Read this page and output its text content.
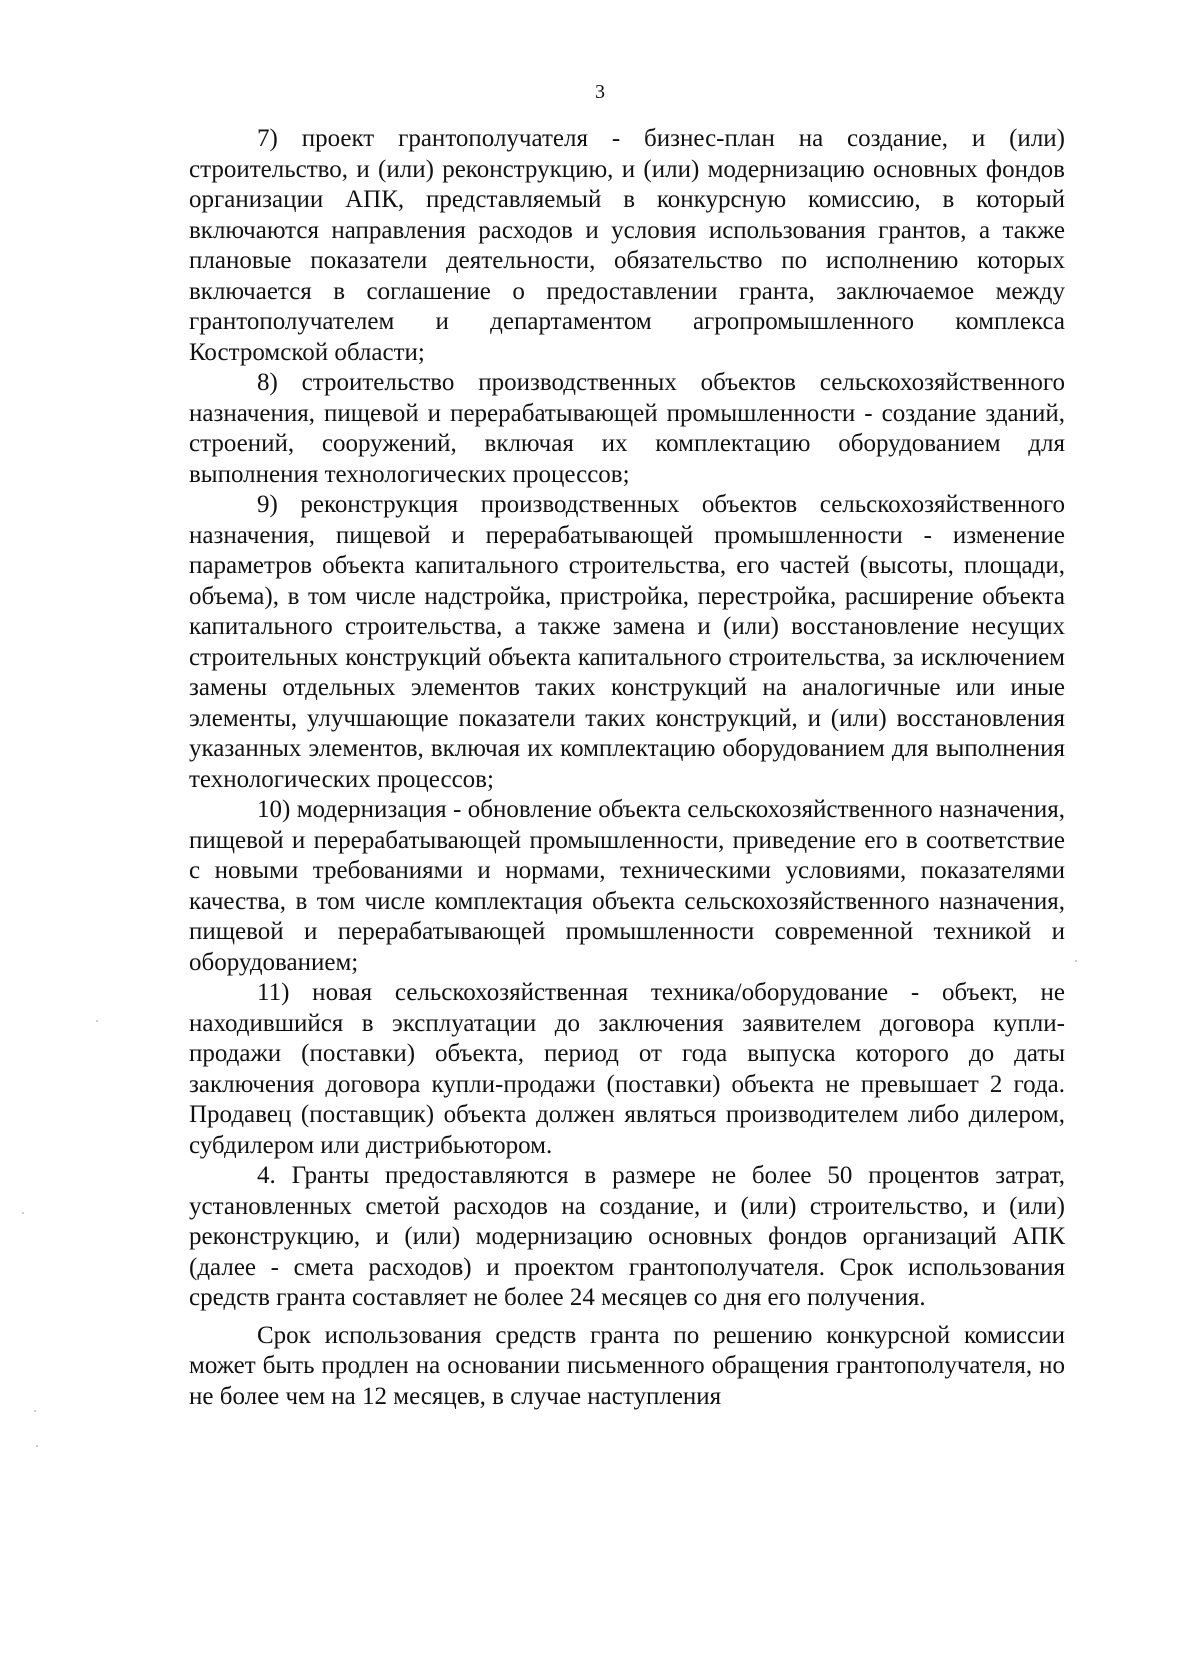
3

7) проект грантополучателя - бизнес-план на создание, и (или) строительство, и (или) реконструкцию, и (или) модернизацию основных фондов организации АПК, представляемый в конкурсную комиссию, в который включаются направления расходов и условия использования грантов, а также плановые показатели деятельности, обязательство по исполнению которых включается в соглашение о предоставлении гранта, заключаемое между грантополучателем и департаментом агропромышленного комплекса Костромской области;

8) строительство производственных объектов сельскохозяйственного назначения, пищевой и перерабатывающей промышленности - создание зданий, строений, сооружений, включая их комплектацию оборудованием для выполнения технологических процессов;

9) реконструкция производственных объектов сельскохозяйственного назначения, пищевой и перерабатывающей промышленности - изменение параметров объекта капитального строительства, его частей (высоты, площади, объема), в том числе надстройка, пристройка, перестройка, расширение объекта капитального строительства, а также замена и (или) восстановление несущих строительных конструкций объекта капитального строительства, за исключением замены отдельных элементов таких конструкций на аналогичные или иные элементы, улучшающие показатели таких конструкций, и (или) восстановления указанных элементов, включая их комплектацию оборудованием для выполнения технологических процессов;

10) модернизация - обновление объекта сельскохозяйственного назначения, пищевой и перерабатывающей промышленности, приведение его в соответствие с новыми требованиями и нормами, техническими условиями, показателями качества, в том числе комплектация объекта сельскохозяйственного назначения, пищевой и перерабатывающей промышленности современной техникой и оборудованием;

11) новая сельскохозяйственная техника/оборудование - объект, не находившийся в эксплуатации до заключения заявителем договора купли-продажи (поставки) объекта, период от года выпуска которого до даты заключения договора купли-продажи (поставки) объекта не превышает 2 года. Продавец (поставщик) объекта должен являться производителем либо дилером, субдилером или дистрибьютором.

4. Гранты предоставляются в размере не более 50 процентов затрат, установленных сметой расходов на создание, и (или) строительство, и (или) реконструкцию, и (или) модернизацию основных фондов организаций АПК (далее - смета расходов) и проектом грантополучателя. Срок использования средств гранта составляет не более 24 месяцев со дня его получения.

Срок использования средств гранта по решению конкурсной комиссии может быть продлен на основании письменного обращения грантополучателя, но не более чем на 12 месяцев, в случае наступления
